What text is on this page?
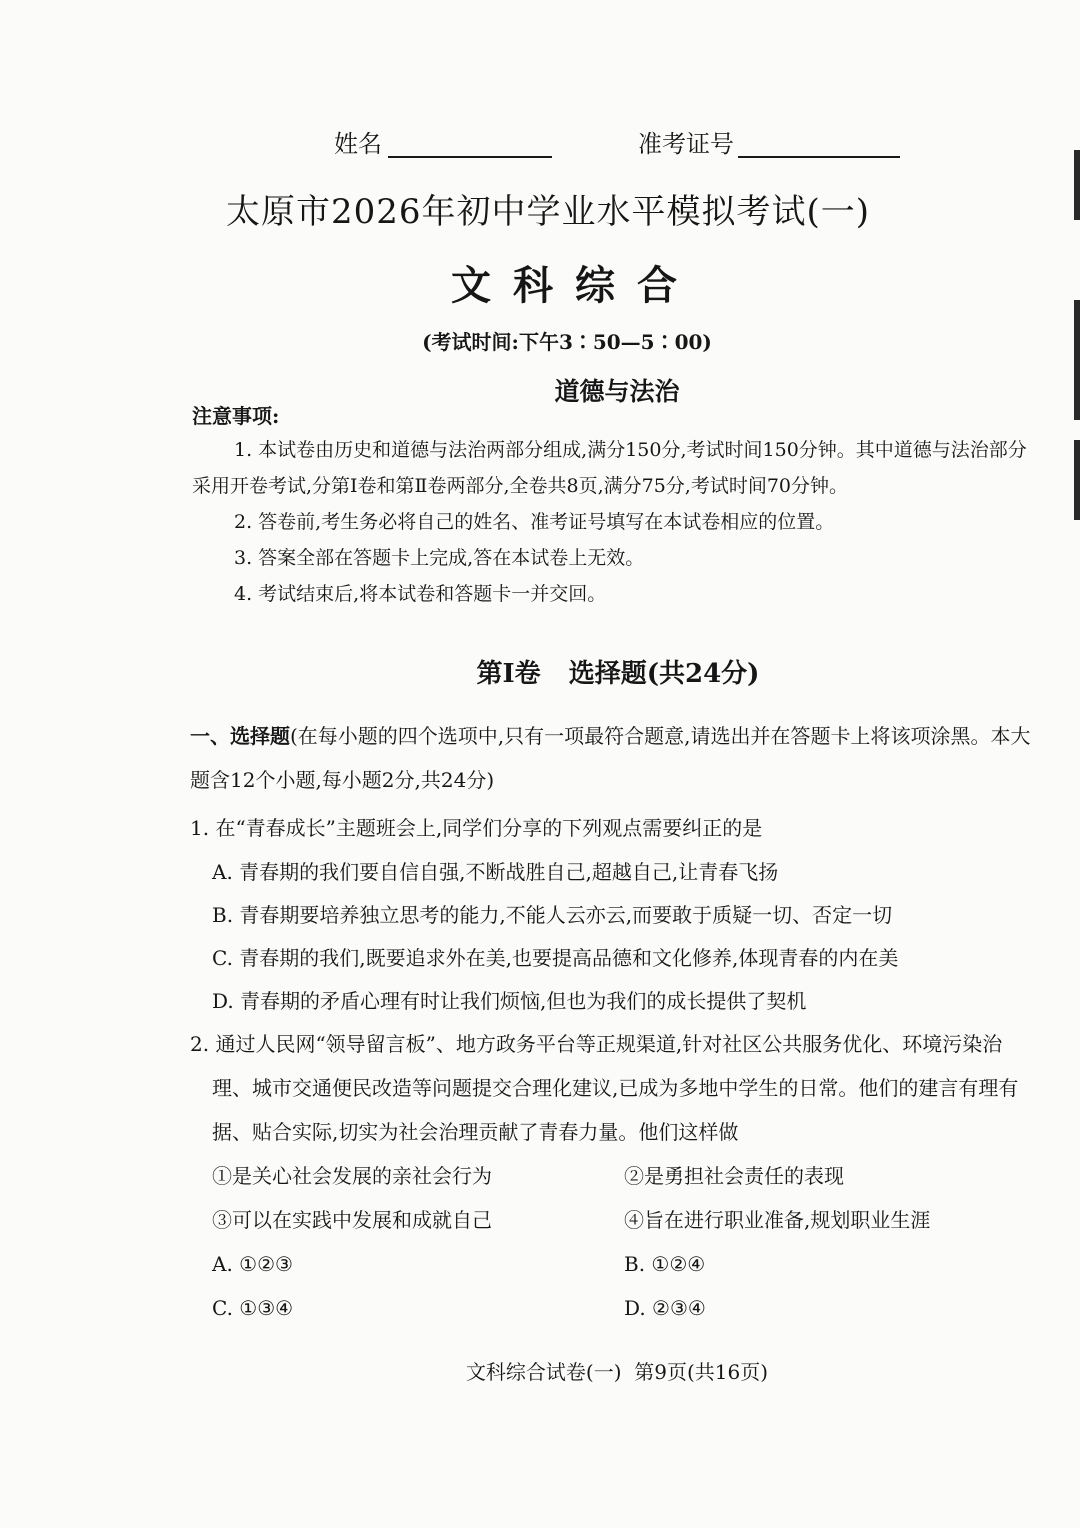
姓名	准考证号
太原市2026年初中学业水平模拟考试(一)
文科综合
(考试时间:下午3∶50—5∶00)
道德与法治
注意事项:
1. 本试卷由历史和道德与法治两部分组成,满分150分,考试时间150分钟。其中道德与法治部分采用开卷考试,分第Ⅰ卷和第Ⅱ卷两部分,全卷共8页,满分75分,考试时间70分钟。
2. 答卷前,考生务必将自己的姓名、准考证号填写在本试卷相应的位置。
3. 答案全部在答题卡上完成,答在本试卷上无效。
4. 考试结束后,将本试卷和答题卡一并交回。
第Ⅰ卷 选择题(共24分)
一、选择题(在每小题的四个选项中,只有一项最符合题意,请选出并在答题卡上将该项涂黑。本大题含12个小题,每小题2分,共24分)
1. 在“青春成长”主题班会上,同学们分享的下列观点需要纠正的是
A. 青春期的我们要自信自强,不断战胜自己,超越自己,让青春飞扬
B. 青春期要培养独立思考的能力,不能人云亦云,而要敢于质疑一切、否定一切
C. 青春期的我们,既要追求外在美,也要提高品德和文化修养,体现青春的内在美
D. 青春期的矛盾心理有时让我们烦恼,但也为我们的成长提供了契机
2. 通过人民网“领导留言板”、地方政务平台等正规渠道,针对社区公共服务优化、环境污染治理、城市交通便民改造等问题提交合理化建议,已成为多地中学生的日常。他们的建言有理有据、贴合实际,切实为社会治理贡献了青春力量。他们这样做
①是关心社会发展的亲社会行为	②是勇担社会责任的表现
③可以在实践中发展和成就自己	④旨在进行职业准备,规划职业生涯
A. ①②③	B. ①②④
C. ①③④	D. ②③④
文科综合试卷(一)  第9页(共16页)
